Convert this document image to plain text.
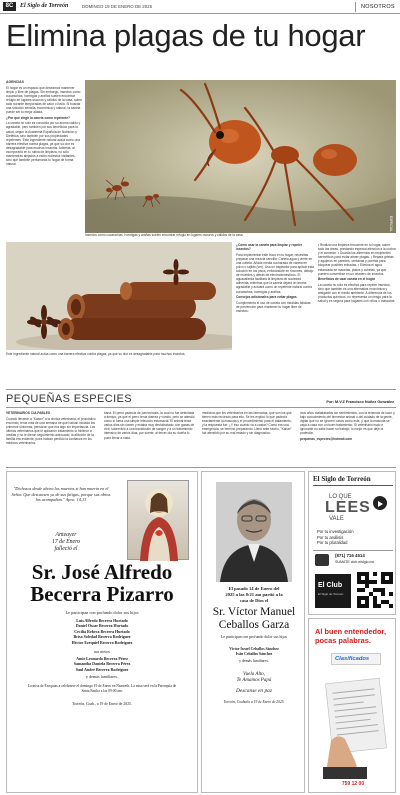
8C	El Siglo de Torreón	DOMINGO 19 DE ENERO DE 2025	NOSOTROS
Elimina plagas de tu hogar

AGENCIAS

El hogar es un espacio que deseamos mantener limpio y libre de plagas. Sin embargo, insectos como cucarachas, hormigas y arañas suelen encontrar refugio en lugares oscuros y cálidos de la casa, sobre todo durante temporadas de calor o lluvia. Si buscas una solución sencilla, económica y natural, la canela puede ser tu mejor aliada.

¿Por qué elegir la canela como repelente?

La canela no sólo es conocida por su aroma cálido y agradable, pero también por sus beneficios para la salud, según la Academia Española de Nutrición y Dietética, sino también por sus propiedades repelentes. Este ingrediente natural actúa como una barrera efectiva contra plagas, ya que su olor es desagradable para muchos insectos. Además, al incorporarla en tu rutina de limpieza, no sólo mantendrás alejados a estos molestos visitantes, sino que también perfumarás tu hogar de forma natural.

ESPECIAL
Insectos como cucarachas, hormigas y arañas suelen encontrar refugio en lugares oscuros y cálidos de la casa.
Este ingrediente natural actúa como una barrera efectiva contra plagas, ya que su olor es desagradable para muchos insectos.

¿Cómo usar la canela para limpiar y repeler insectos?

Para implementar este truco en tu hogar, necesitas preparar una mezcla sencilla: Canela agua y vierte en una cubeta. Añade media cucharada de canela en polvo o rajitas (ver). Usa un trapeador para aplicar esta solución en los pisos, enfocándote en rincones, debajo de muebles y detrás de electrodomésticos. El aguacalienta facilitará la limpieza de suciedad adherida, mientras que la canela dejará un aroma agradable y actuará como un repelente natural contra cucarachas, hormigas y arañas.

Consejos adicionales para evitar plagas

Complementa el uso de canela con medidas básicas de prevención para mantener tu hogar libre de insectos:

• Realiza una limpieza frecuente en tu hogar, sobre todo las áreas, prestando especial atención a la cocina y el comedor. • Guarda los alimentos en recipientes herméticos para evitar atraer plagas. • Repara grietas y agujeros en paredes, ventanas y puertas para bloquear posibles entradas. • Elimina el agua estancada en macetas, platos y cubetas, ya que pueden convertirse en un criadero de insectos.

Beneficios de usar canela en el hogar

La canela no sólo es efectiva para repeler insectos, sino que también es una alternativa económica y amigable con el medio ambiente. A diferencia de los productos químicos, no representa un riesgo para la salud y es segura para hogares con niños o mascotas.

PEQUEÑAS ESPECIES	Por: M.V.Z Francisco Núñez González

VETERINARIOS CULPABLES

Cuando llevaron a "Kaiser" a la clínica veterinaria, el pronóstico era malo; tenía más de una semana de que habían iniciado los primeros síntomas, pensaron que era algo sin importancia. Los últimos veterinarios que le aplicaron tratamiento lo hicieron a medias y no le dieron seguimiento adecuado; la aflicción de la familia era evidente, pues habían perdido la confianza en los médicos veterinarios.

bana. El perro padecía de parvovirosis, la cual no fue detectada a tiempo, ya que el perro tenía diarrea y vómito, pero se atendió como si fuera una simple infección estomacal. El animal tenía varios días sin comer y estaba muy deshidratado; con ganas de vivir, sobrevivió a una transfusión de sangre y a un tratamiento intensivo de varios días, por suerte, al tercer día su dueña lo pudo llevar a casa.
medicina que los veterinarios en las farmacias, que son los que tienen más recursos para ello. Se les explicó lo que padecía exactamente la mascota y el procedimiento para el tratamiento, y la respuesta fue: ¿Y eso cuánto va a costar? Como era una emergencia, se terminó preparando. Lleno ante hecho, "Kaiser" fue atendido por su mal estado y sin diagnóstico.

mos años malatratados sin sentimientos, con la tenencia de lucro y bajo conocimiento del bienestar animal o del cuidado de la gente, vigilar que no se ignoren casos como este, y que la mascota se vaya a casa con un buen tratamiento. Si veterinario malo e ignorante no sabe hacer su trabajo, lo mejor es que deje la profesión.

pequenas_especies@hotmail.com

"Dichosos desde ahora los muertos si han muerto en el Señor. Que descansen ya de sus fatigas, porque sus obras los acompañan." Apoc. 14,13
Anteayer
17 de Enero
falleció el
Sr. José Alfredo
Becerra Pizarro
Le participan con profundo dolor sus hijos
Luis Alfredo Becerra Hurtado
Daniel Oscar Becerra Hurtado
Cecilia Rebeca Becerra Hurtado
Brisa Soledad Becerra Rodríguez
Héctor Ezequiel Becerra Rodríguez
sus nietos
Amir Leonardo Becerra Pérez
Samantha Daniela Becerra Pérez
Saul André Becerra Rodríguez
y demás familiares.
La misa de Exequias a celebrarse el domingo 19 de Enero en Nazareth. La misa será en la Parroquia de Santa Emilia a las 09:00 am.
Torreón, Coah., a 19 de Enero de 2025.
El pasado 14 de Enero del
2025 a las 8:21 am partió a la
casa de Dios el
Sr. Víctor Manuel
Ceballos Garza
Le participan con profundo dolor sus hijos
Víctor Israel Ceballos Sánchez
Iván Ceballos Sánchez
y demás familiares.
Vuela Alto,
Te Amamos Papá
Descanse en paz
Torreón, Coahuila a 19 de Enero de 2025.
El Siglo de Torreón
LO QUE
LEES
VALE
Por tu investigación
Por tu análisis
Por tu pluralidad
(871) 716 4514
SUMATE club.elsiglo.mx
El Club
El Siglo de Torreón
Al buen entendedor, pocas palabras.
Clasificados
759 12 00
